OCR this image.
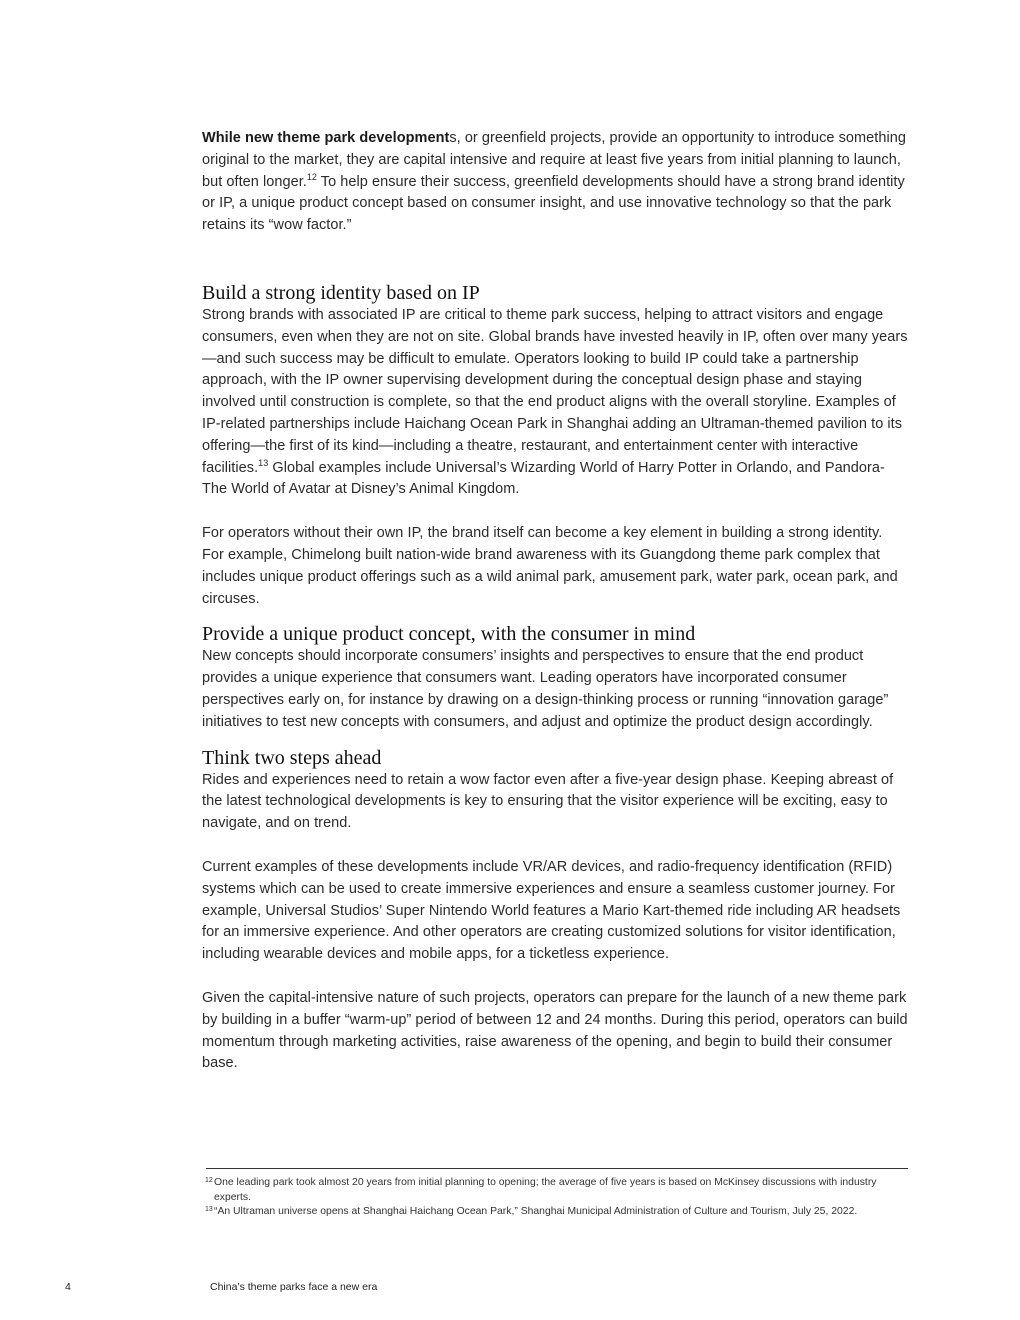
While new theme park developments, or greenfield projects, provide an opportunity to introduce something original to the market, they are capital intensive and require at least five years from initial planning to launch, but often longer.$^{12}$ To help ensure their success, greenfield developments should have a strong brand identity or IP, a unique product concept based on consumer insight, and use innovative technology so that the park retains its “wow factor.”

Build a strong identity based on IP

Strong brands with associated IP are critical to theme park success, helping to attract visitors and engage consumers, even when they are not on site. Global brands have invested heavily in IP, often over many years—and such success may be difficult to emulate. Operators looking to build IP could take a partnership approach, with the IP owner supervising development during the conceptual design phase and staying involved until construction is complete, so that the end product aligns with the overall storyline. Examples of IP-related partnerships include Haichang Ocean Park in Shanghai adding an Ultraman-themed pavilion to its offering—the first of its kind—including a theatre, restaurant, and entertainment center with interactive facilities.$^{13}$ Global examples include Universal’s Wizarding World of Harry Potter in Orlando, and Pandora-The World of Avatar at Disney’s Animal Kingdom.

For operators without their own IP, the brand itself can become a key element in building a strong identity. For example, Chimelong built nation-wide brand awareness with its Guangdong theme park complex that includes unique product offerings such as a wild animal park, amusement park, water park, ocean park, and circuses.

Provide a unique product concept, with the consumer in mind

New concepts should incorporate consumers’ insights and perspectives to ensure that the end product provides a unique experience that consumers want. Leading operators have incorporated consumer perspectives early on, for instance by drawing on a design-thinking process or running “innovation garage” initiatives to test new concepts with consumers, and adjust and optimize the product design accordingly.

Think two steps ahead

Rides and experiences need to retain a wow factor even after a five-year design phase. Keeping abreast of the latest technological developments is key to ensuring that the visitor experience will be exciting, easy to navigate, and on trend.

Current examples of these developments include VR/AR devices, and radio-frequency identification (RFID) systems which can be used to create immersive experiences and ensure a seamless customer journey. For example, Universal Studios’ Super Nintendo World features a Mario Kart-themed ride including AR headsets for an immersive experience. And other operators are creating customized solutions for visitor identification, including wearable devices and mobile apps, for a ticketless experience.

Given the capital-intensive nature of such projects, operators can prepare for the launch of a new theme park by building in a buffer “warm-up” period of between 12 and 24 months. During this period, operators can build momentum through marketing activities, raise awareness of the opening, and begin to build their consumer base.

12 One leading park took almost 20 years from initial planning to opening; the average of five years is based on McKinsey discussions with industry experts.
13 “An Ultraman universe opens at Shanghai Haichang Ocean Park,” Shanghai Municipal Administration of Culture and Tourism, July 25, 2022.
4	China’s theme parks face a new era
